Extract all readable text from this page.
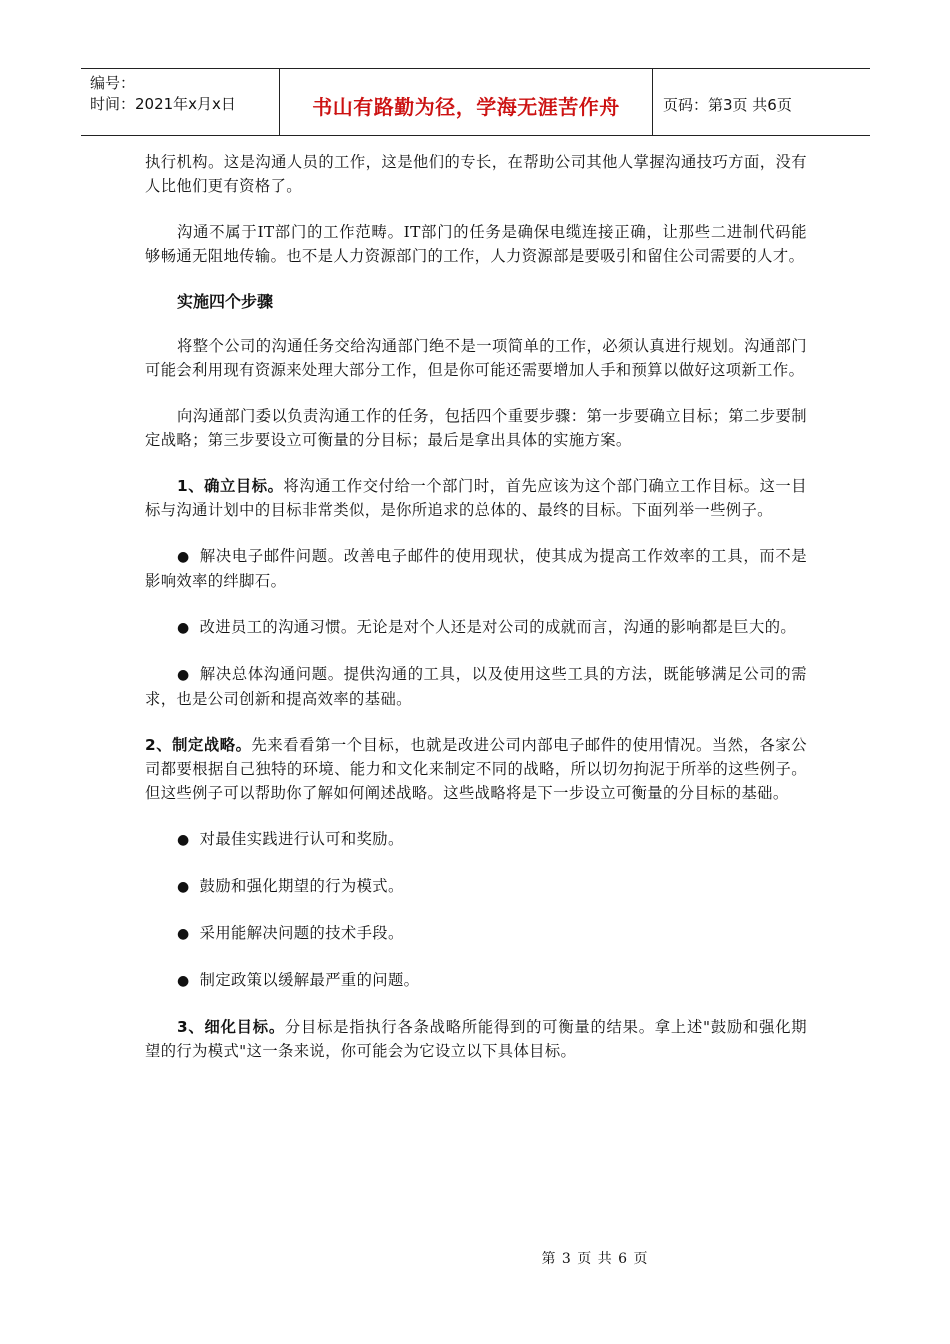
编号：
时间：2021年x月x日	书山有路勤为径，学海无涯苦作舟	页码：第3页 共6页

执行机构。这是沟通人员的工作，这是他们的专长，在帮助公司其他人掌握沟通技巧方面，没有人比他们更有资格了。

沟通不属于IT部门的工作范畴。IT部门的任务是确保电缆连接正确，让那些二进制代码能够畅通无阻地传输。也不是人力资源部门的工作，人力资源部是要吸引和留住公司需要的人才。

实施四个步骤

将整个公司的沟通任务交给沟通部门绝不是一项简单的工作，必须认真进行规划。沟通部门可能会利用现有资源来处理大部分工作，但是你可能还需要增加人手和预算以做好这项新工作。

向沟通部门委以负责沟通工作的任务，包括四个重要步骤：第一步要确立目标；第二步要制定战略；第三步要设立可衡量的分目标；最后是拿出具体的实施方案。

1、确立目标。将沟通工作交付给一个部门时，首先应该为这个部门确立工作目标。这一目标与沟通计划中的目标非常类似，是你所追求的总体的、最终的目标。下面列举一些例子。

● 解决电子邮件问题。改善电子邮件的使用现状，使其成为提高工作效率的工具，而不是影响效率的绊脚石。

● 改进员工的沟通习惯。无论是对个人还是对公司的成就而言，沟通的影响都是巨大的。

● 解决总体沟通问题。提供沟通的工具，以及使用这些工具的方法，既能够满足公司的需求，也是公司创新和提高效率的基础。

2、制定战略。先来看看第一个目标，也就是改进公司内部电子邮件的使用情况。当然，各家公司都要根据自己独特的环境、能力和文化来制定不同的战略，所以切勿拘泥于所举的这些例子。但这些例子可以帮助你了解如何阐述战略。这些战略将是下一步设立可衡量的分目标的基础。

● 对最佳实践进行认可和奖励。

● 鼓励和强化期望的行为模式。

● 采用能解决问题的技术手段。

● 制定政策以缓解最严重的问题。

3、细化目标。分目标是指执行各条战略所能得到的可衡量的结果。拿上述"鼓励和强化期望的行为模式"这一条来说，你可能会为它设立以下具体目标。

第 3 页 共 6 页
